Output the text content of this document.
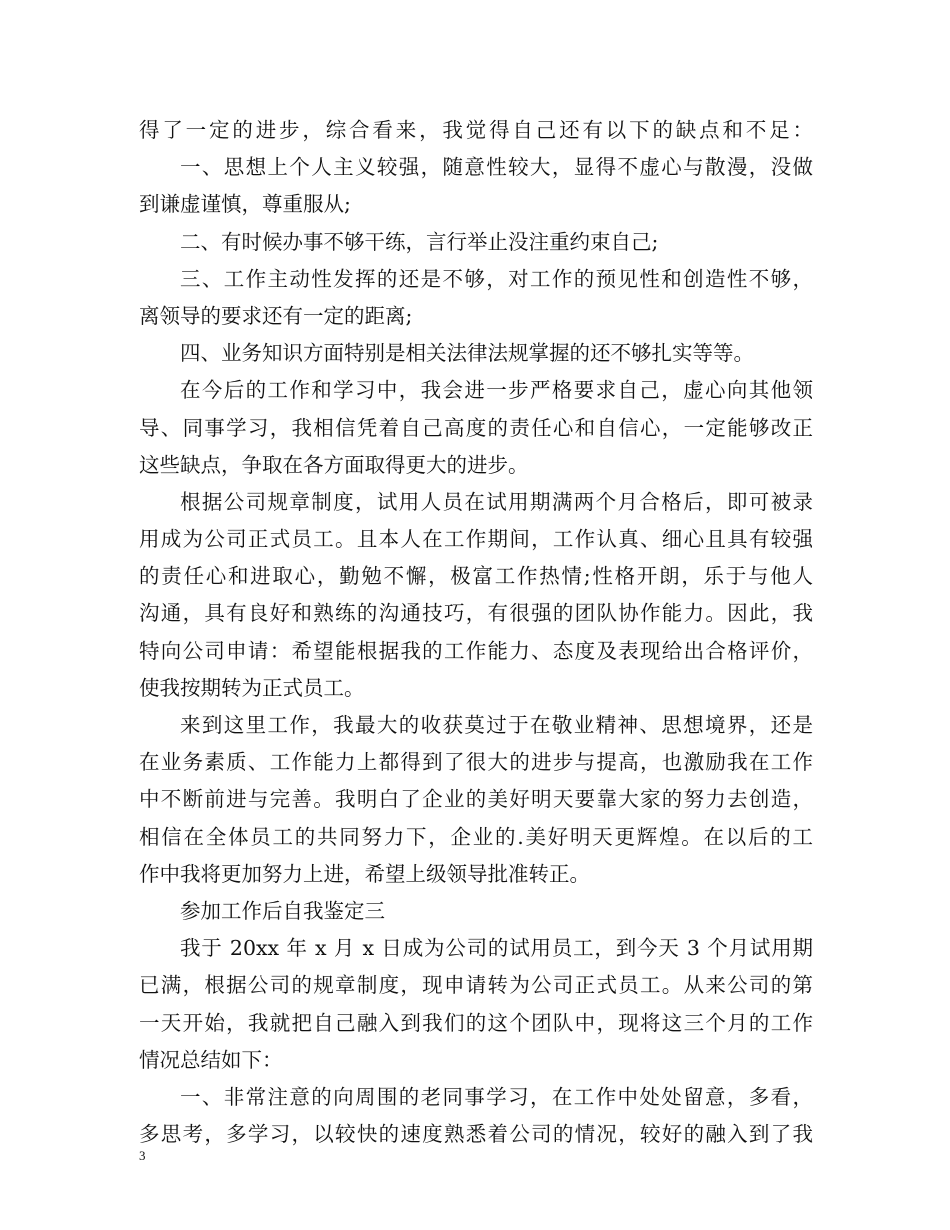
得了一定的进步，综合看来，我觉得自己还有以下的缺点和不足：
一、思想上个人主义较强，随意性较大，显得不虚心与散漫，没做
到谦虚谨慎，尊重服从;
二、有时候办事不够干练，言行举止没注重约束自己;
三、工作主动性发挥的还是不够，对工作的预见性和创造性不够，
离领导的要求还有一定的距离;
四、业务知识方面特别是相关法律法规掌握的还不够扎实等等。
在今后的工作和学习中，我会进一步严格要求自己，虚心向其他领
导、同事学习，我相信凭着自己高度的责任心和自信心，一定能够改正
这些缺点，争取在各方面取得更大的进步。
根据公司规章制度，试用人员在试用期满两个月合格后，即可被录
用成为公司正式员工。且本人在工作期间，工作认真、细心且具有较强
的责任心和进取心，勤勉不懈，极富工作热情;性格开朗，乐于与他人
沟通，具有良好和熟练的沟通技巧，有很强的团队协作能力。因此，我
特向公司申请：希望能根据我的工作能力、态度及表现给出合格评价，
使我按期转为正式员工。
来到这里工作，我最大的收获莫过于在敬业精神、思想境界，还是
在业务素质、工作能力上都得到了很大的进步与提高，也激励我在工作
中不断前进与完善。我明白了企业的美好明天要靠大家的努力去创造，
相信在全体员工的共同努力下，企业的.美好明天更辉煌。在以后的工
作中我将更加努力上进，希望上级领导批准转正。
参加工作后自我鉴定三
我于 20xx 年 x 月 x 日成为公司的试用员工，到今天 3 个月试用期
已满，根据公司的规章制度，现申请转为公司正式员工。从来公司的第
一天开始，我就把自己融入到我们的这个团队中，现将这三个月的工作
情况总结如下：
一、非常注意的向周围的老同事学习，在工作中处处留意，多看，
多思考，多学习，以较快的速度熟悉着公司的情况，较好的融入到了我
3
